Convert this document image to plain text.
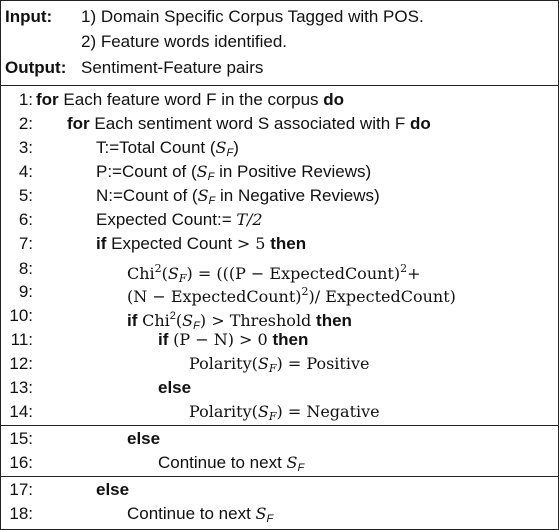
Input: 1) Domain Specific Corpus Tagged with POS.
2) Feature words identified.
Output: Sentiment-Feature pairs
1: for Each feature word F in the corpus do
2: for Each sentiment word S associated with F do
3:	T:=Total Count $(S_F)$
4:	P:=Count of ($S_F$ in Positive Reviews)
5:	N:=Count of ($S_F$ in Negative Reviews)
6:	Expected Count:= T/2
7:	if Expected Count > 5 then
8:	$Chi^2(S_F) = (((P$ − ExpectedCount)$^2$+
9:	(N − ExpectedCount)$^2$)/ ExpectedCount)
10:	if $Chi^2(S_F)$ > Threshold then
11:	if (P − N) > 0 then
12:	$Polarity(S_F)$ = Positive
13:	else
14:	$Polarity(S_F)$ = Negative
15:	else
16:	Continue to next $S_F$
17:	else
18:	Continue to next $S_F$
